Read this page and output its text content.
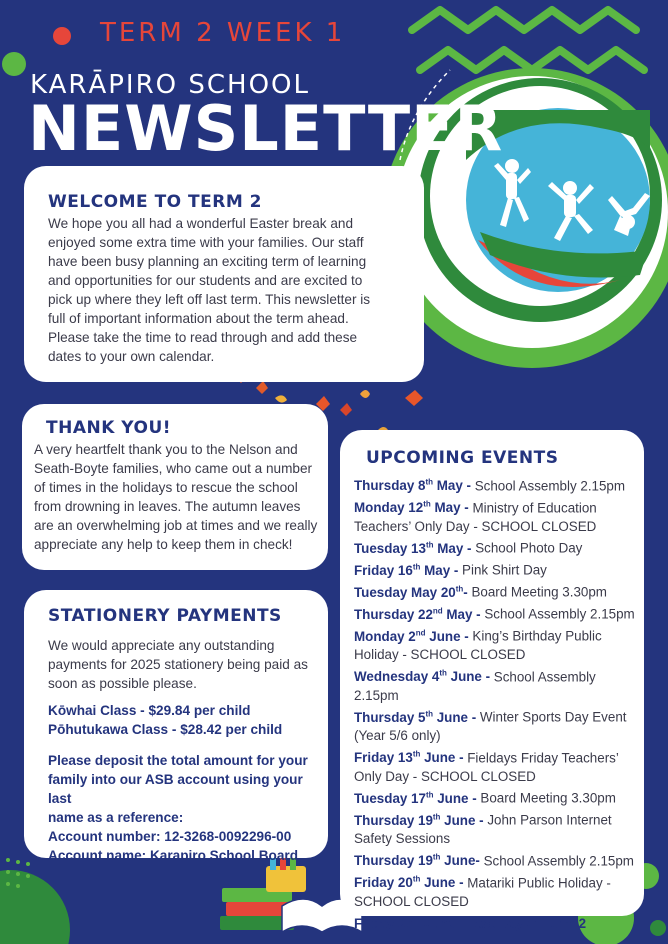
TERM 2 WEEK 1
KARĀPIRO SCHOOL
NEWSLETTER
WELCOME TO TERM 2
We hope you all had a wonderful Easter break and
enjoyed some extra time with your families. Our staff
have been busy planning an exciting term of learning
and opportunities for our students and are excited to
pick up where they left off last term. This newsletter is
full of important information about the term ahead.
Please take the time to read through and add these
dates to your own calendar.
THANK YOU!
A very heartfelt thank you to the Nelson and
Seath-Boyte families, who came out a number
of times in the holidays to rescue the school
from drowning in leaves. The autumn leaves
are an overwhelming job at times and we really
appreciate any help to keep them in check!
STATIONERY PAYMENTS
We would appreciate any outstanding
payments for 2025 stationery being paid as
soon as possible please.
Kōwhai Class - $29.84 per child
Pōhutukawa Class - $28.42 per child
Please deposit the total amount for your
family into our ASB account using your last
name as a reference:
Account number: 12-3268-0092296-00
Account name: Karapiro School Board
UPCOMING EVENTS
Thursday 8th May - School Assembly 2.15pm
Monday 12th May - Ministry of Education
Teachers’ Only Day - SCHOOL CLOSED
Tuesday 13th May - School Photo Day
Friday 16th May - Pink Shirt Day
Tuesday May 20th- Board Meeting 3.30pm
Thursday 22nd May - School Assembly 2.15pm
Monday 2nd June - King’s Birthday Public
Holiday - SCHOOL CLOSED
Wednesday 4th June - School Assembly
2.15pm
Thursday 5th June - Winter Sports Day Event
(Year 5/6 only)
Friday 13th June - Fieldays Friday Teachers’
Only Day - SCHOOL CLOSED
Tuesday 17th June - Board Meeting 3.30pm
Thursday 19th June - John Parson Internet
Safety Sessions
Thursday 19th June- School Assembly 2.15pm
Friday 20th June - Matariki Public Holiday -
SCHOOL CLOSED
Friday 27th June - Last Day of Term 2
